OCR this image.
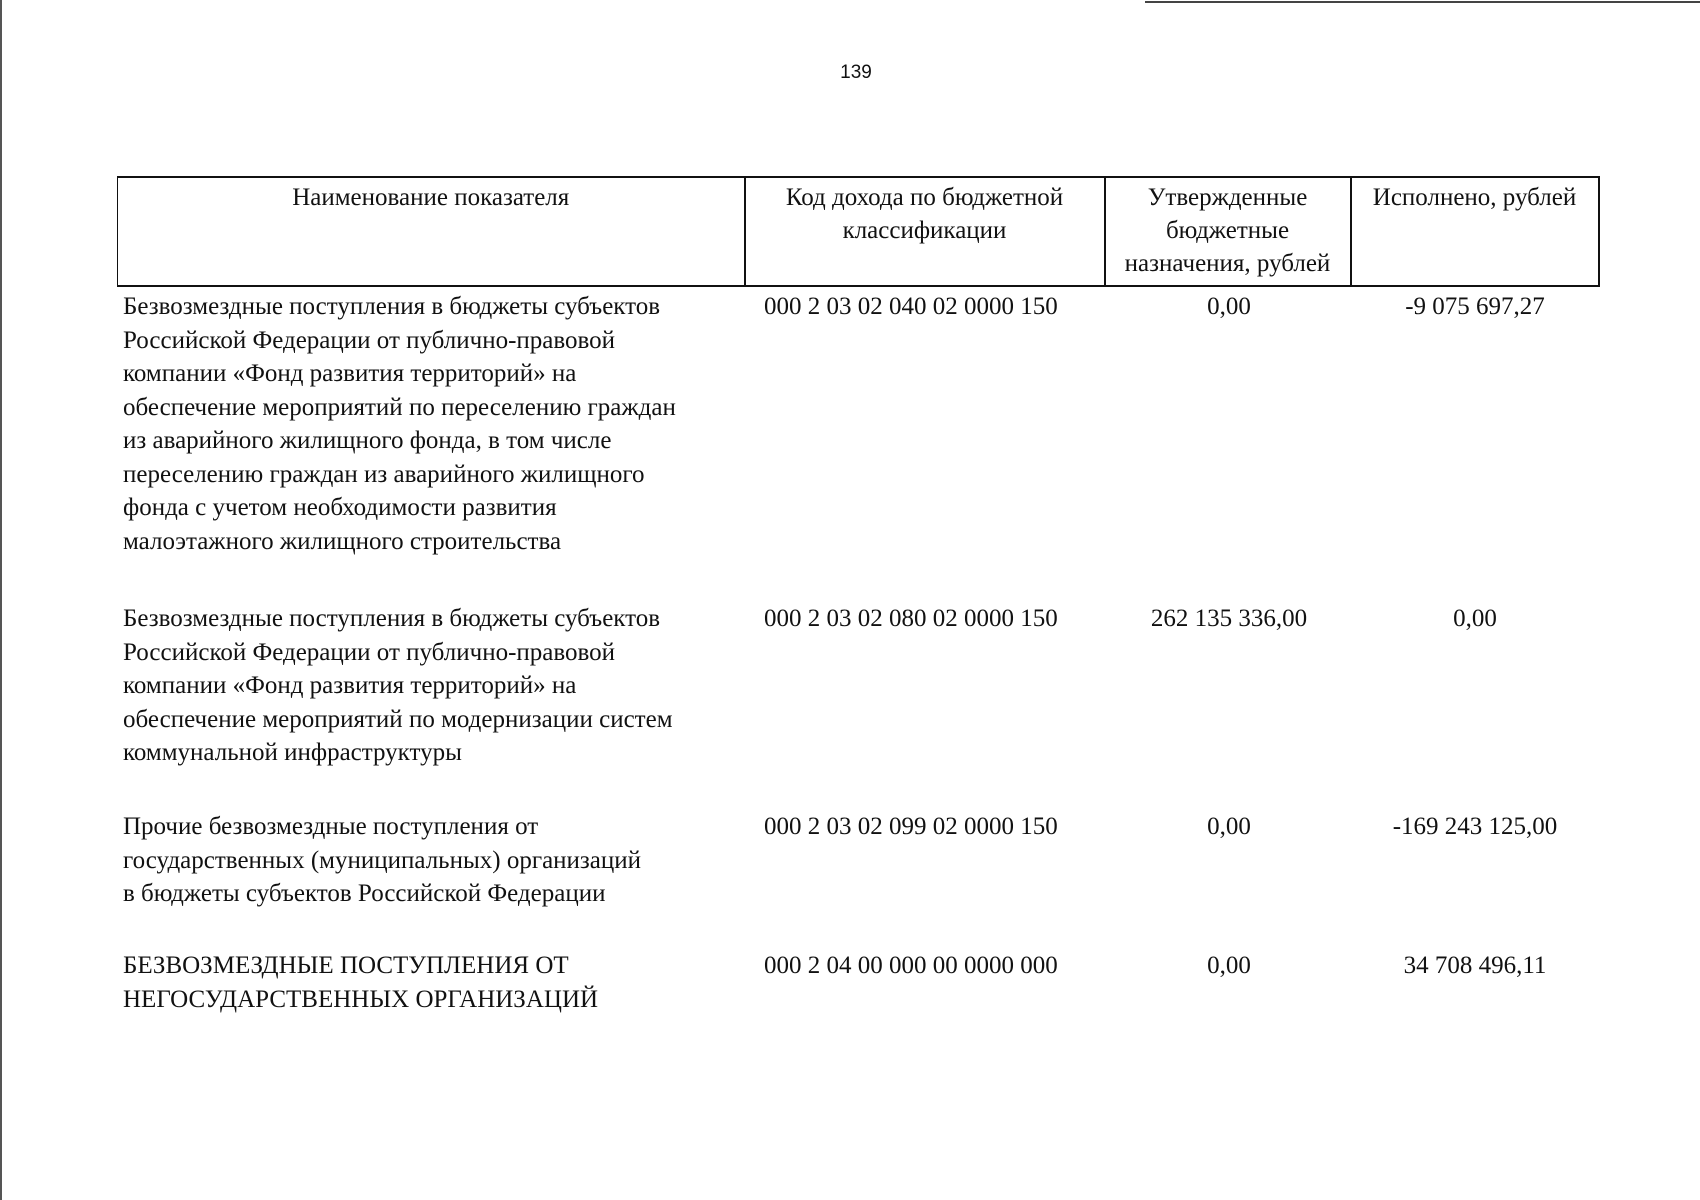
139
Наименование показателя	Код дохода по бюджетной классификации	Утвержденные бюджетные назначения, рублей	Исполнено, рублей
Безвозмездные поступления в бюджеты субъектов
Российской Федерации от публично-правовой
компании «Фонд развития территорий» на
обеспечение мероприятий по переселению граждан
из аварийного жилищного фонда, в том числе
переселению граждан из аварийного жилищного
фонда с учетом необходимости развития
малоэтажного жилищного строительства
000 2 03 02 040 02 0000 150	0,00	-9 075 697,27
Безвозмездные поступления в бюджеты субъектов
Российской Федерации от публично-правовой
компании «Фонд развития территорий» на
обеспечение мероприятий по модернизации систем
коммунальной инфраструктуры
000 2 03 02 080 02 0000 150	262 135 336,00	0,00
Прочие безвозмездные поступления от
государственных (муниципальных) организаций
в бюджеты субъектов Российской Федерации
000 2 03 02 099 02 0000 150	0,00	-169 243 125,00
БЕЗВОЗМЕЗДНЫЕ ПОСТУПЛЕНИЯ ОТ
НЕГОСУДАРСТВЕННЫХ ОРГАНИЗАЦИЙ
000 2 04 00 000 00 0000 000	0,00	34 708 496,11
